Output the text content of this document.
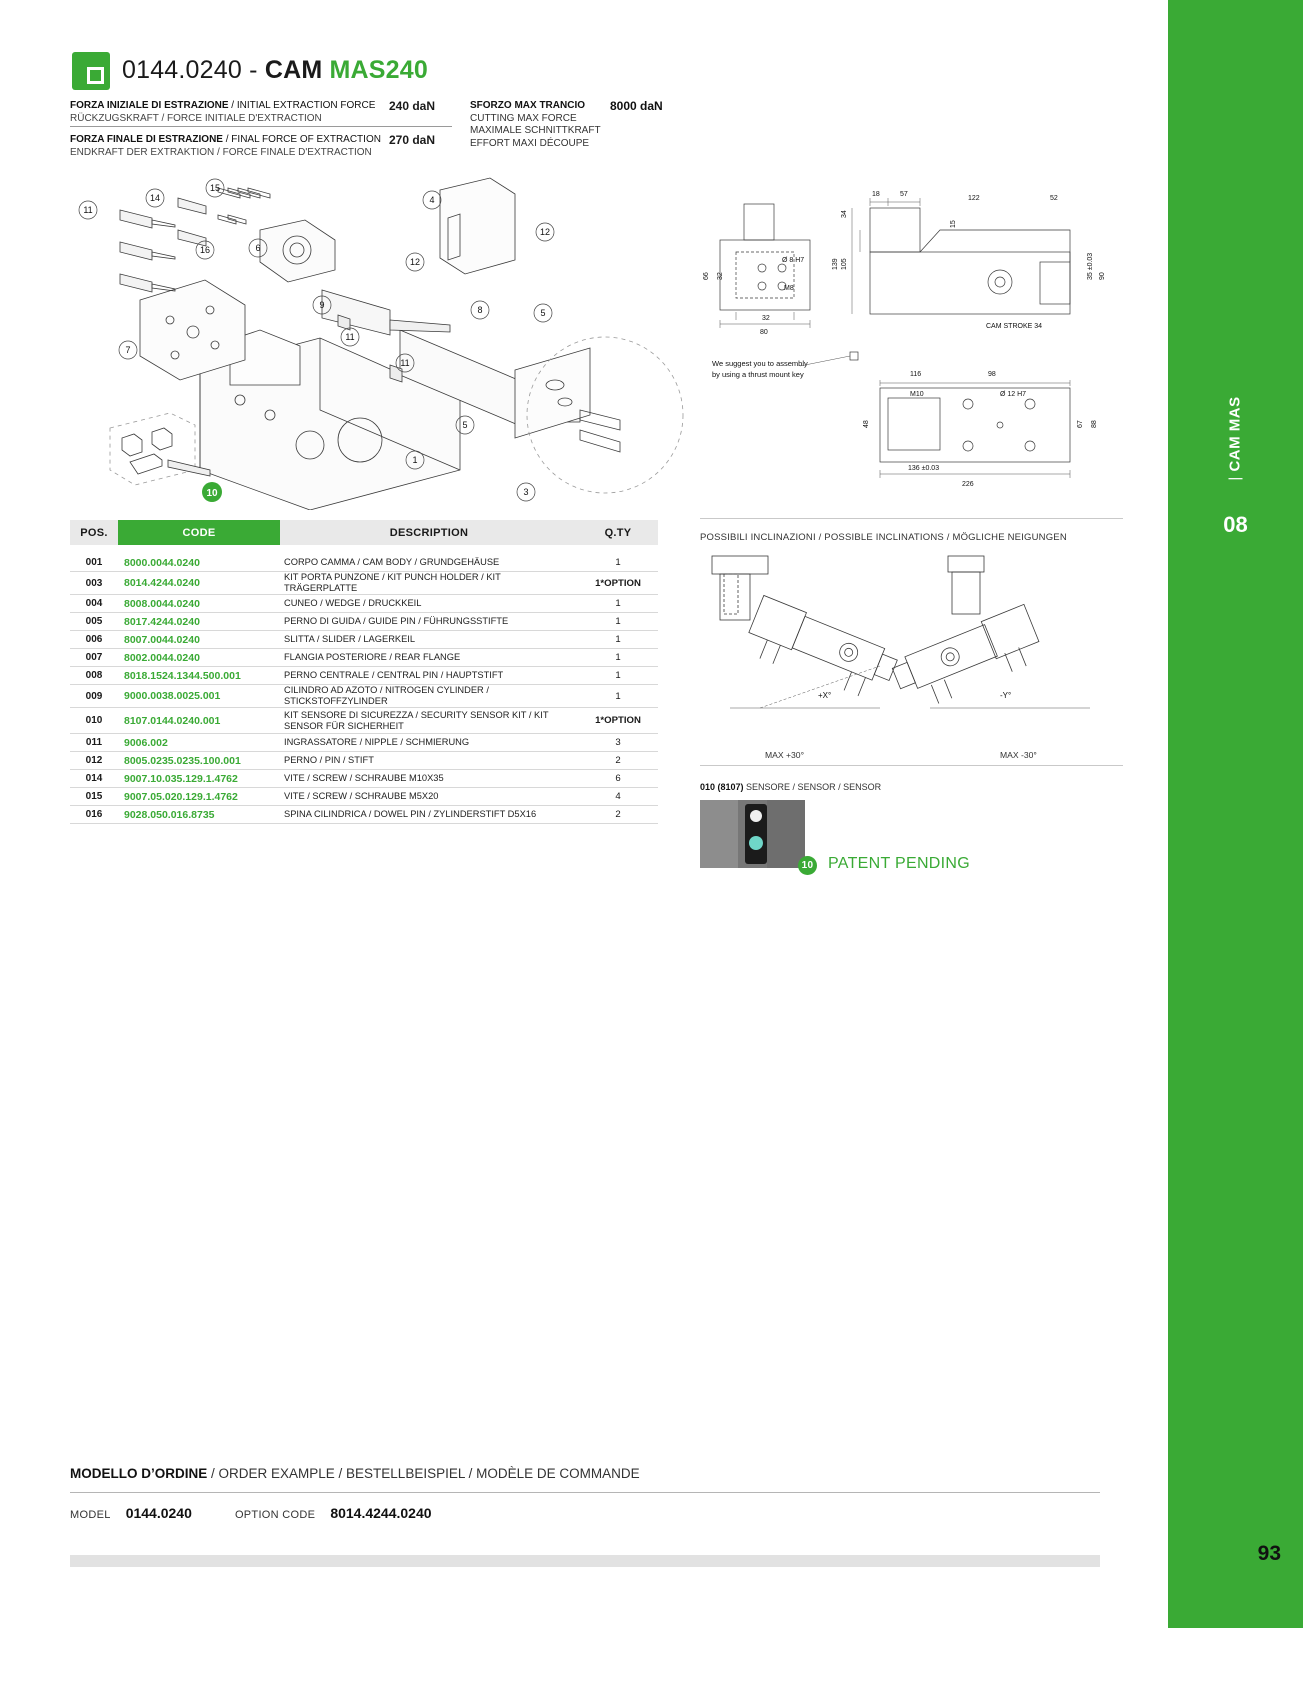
0144.0240 - CAM MAS240
FORZA INIZIALE DI ESTRAZIONE / INITIAL EXTRACTION FORCE
RÜCKZUGSKRAFT / FORCE INITIALE D'EXTRACTION
240 daN
FORZA FINALE DI ESTRAZIONE / FINAL FORCE OF EXTRACTION
ENDKRAFT DER EXTRAKTION / FORCE FINALE D'EXTRACTION
270 daN
SFORZO MAX TRANCIO	8000 daN
CUTTING MAX FORCE
MAXIMALE SCHNITTKRAFT
EFFORT MAXI DÉCOUPE
11
14
15
16	6
9
4
12
12
8	5
11
11
5
1
7
3
10
18	57
34
105
139
122	52
15
35 ±0.03 90
66 32
32
80
Ø 8 H7
M8
CAM STROKE 34
116	98
M10	Ø 12 H7
48	67 88
136 ±0.03
226
We suggest you to assembly
by using a thrust mount key
POS.	CODE	DESCRIPTION	Q.TY
001	8000.0044.0240	CORPO CAMMA / CAM BODY / GRUNDGEHÄUSE	1
003	8014.4244.0240	KIT PORTA PUNZONE / KIT PUNCH HOLDER / KIT TRÄGERPLATTE	1*OPTION
004	8008.0044.0240	CUNEO / WEDGE / DRUCKKEIL	1
005	8017.4244.0240	PERNO DI GUIDA / GUIDE PIN / FÜHRUNGSSTIFTE	1
006	8007.0044.0240	SLITTA / SLIDER / LAGERKEIL	1
007	8002.0044.0240	FLANGIA POSTERIORE / REAR FLANGE	1
008	8018.1524.1344.500.001	PERNO CENTRALE / CENTRAL PIN / HAUPTSTIFT	1
009	9000.0038.0025.001	CILINDRO AD AZOTO / NITROGEN CYLINDER / STICKSTOFFZYLINDER	1
010	8107.0144.0240.001	KIT SENSORE DI SICUREZZA / SECURITY SENSOR KIT / KIT SENSOR FÜR SICHERHEIT	1*OPTION
011	9006.002	INGRASSATORE / NIPPLE / SCHMIERUNG	3
012	8005.0235.0235.100.001	PERNO / PIN / STIFT	2
014	9007.10.035.129.1.4762	VITE / SCREW / SCHRAUBE M10X35	6
015	9007.05.020.129.1.4762	VITE / SCREW / SCHRAUBE M5X20	4
016	9028.050.016.8735	SPINA CILINDRICA / DOWEL PIN / ZYLINDERSTIFT D5X16	2
POSSIBILI INCLINAZIONI / POSSIBLE INCLINATIONS / MÖGLICHE NEIGUNGEN
+X°	-Y°
MAX +30°	MAX -30°
010 (8107) SENSORE / SENSOR / SENSOR
10 PATENT PENDING
MODELLO D’ORDINE / ORDER EXAMPLE / BESTELLBEISPIEL / MODÈLE DE COMMANDE
MODEL 0144.0240	OPTION CODE 8014.4244.0240
| CAM MAS
08
93
